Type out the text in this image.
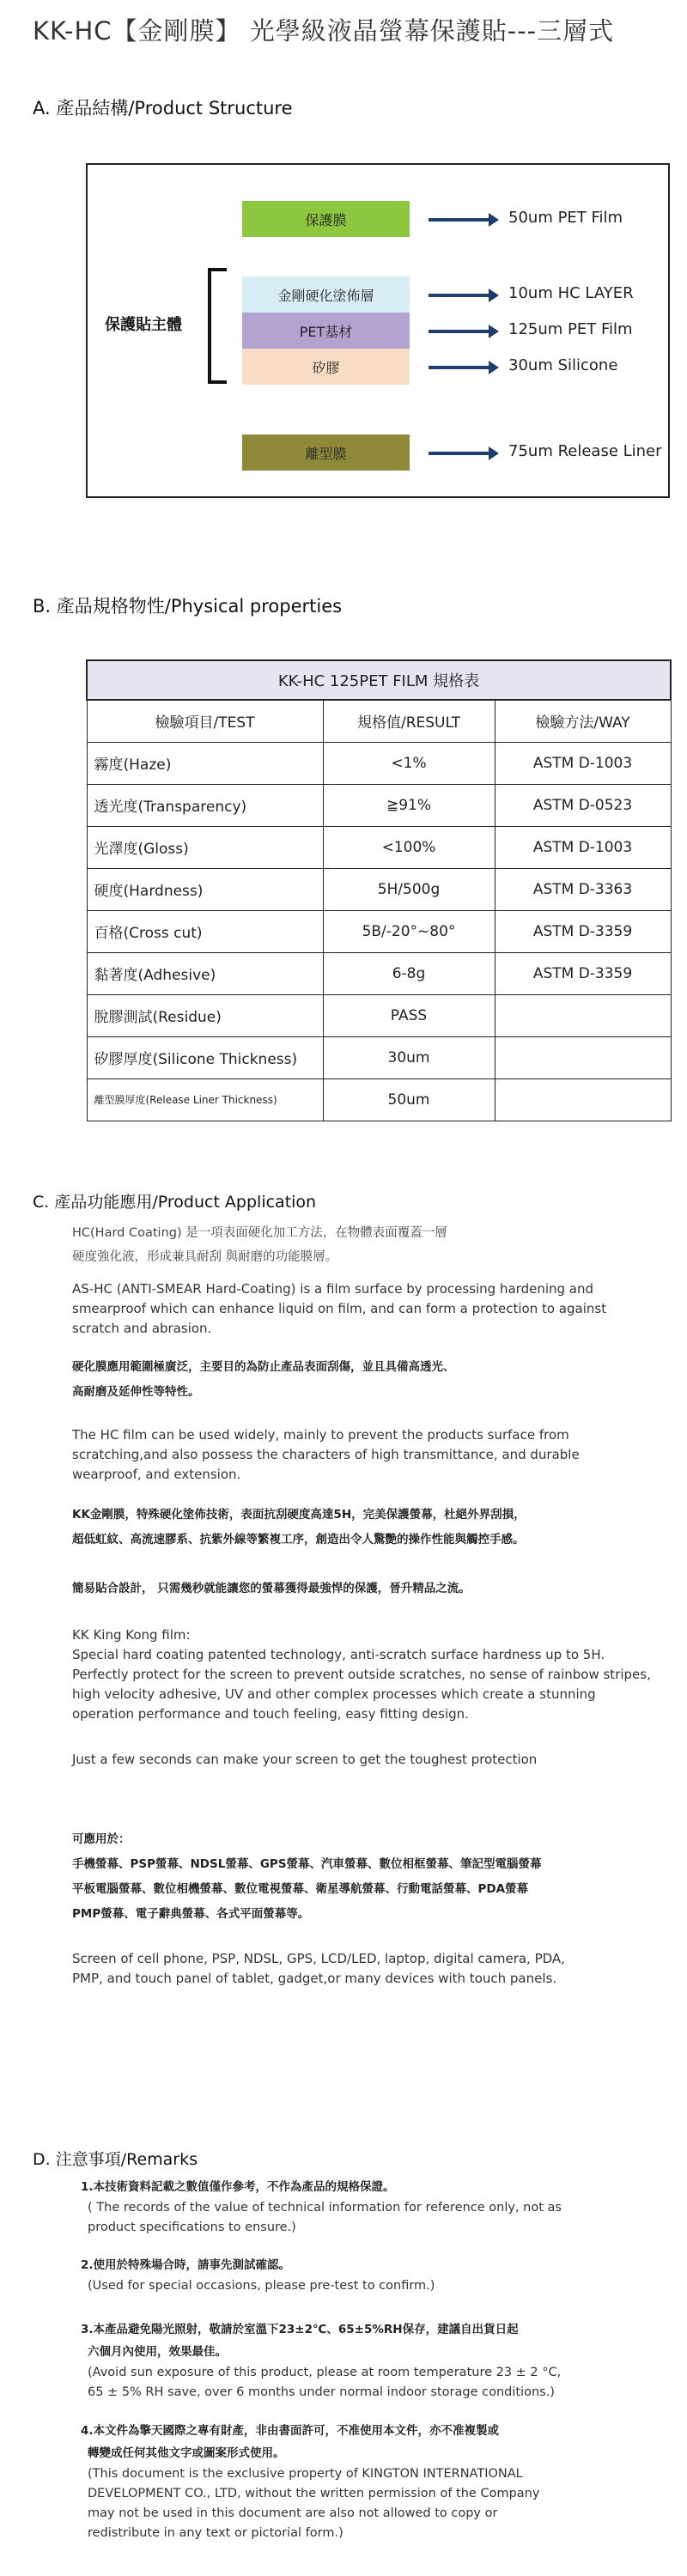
KK-HC【金剛膜】 光學級液晶螢幕保護貼---三層式
A. 產品結構/Product Structure
保護貼主體
保護膜	50um PET Film
金剛硬化塗佈層	10um HC LAYER
PET基材	125um PET Film
矽膠	30um Silicone
離型膜	75um Release Liner
B. 產品規格物性/Physical properties
KK-HC 125PET FILM 規格表		
檢驗項目/TEST	規格值/RESULT	檢驗方法/WAY
霧度(Haze)	<1%	ASTM D-1003
透光度(Transparency)	≧91%	ASTM D-0523
光澤度(Gloss)	<100%	ASTM D-1003
硬度(Hardness)	5H/500g	ASTM D-3363
百格(Cross cut)	5B/-20°~80°	ASTM D-3359
黏著度(Adhesive)	6-8g	ASTM D-3359
脫膠測試(Residue)	PASS	
矽膠厚度(Silicone Thickness)	30um	
離型膜厚度(Release Liner Thickness)	50um	
C. 產品功能應用/Product Application
HC(Hard Coating) 是一項表面硬化加工方法，在物體表面覆蓋一層
硬度強化液，形成兼具耐刮 與耐磨的功能膜層。
AS-HC (ANTI-SMEAR Hard-Coating) is a film surface by processing hardening and
smearproof which can enhance liquid on film, and can form a protection to against
scratch and abrasion.
硬化膜應用範圍極廣泛，主要目的為防止產品表面刮傷，並且具備高透光、
高耐磨及延伸性等特性。
The HC film can be used widely, mainly to prevent the products surface from
scratching,and also possess the characters of high transmittance, and durable
wearproof, and extension.
KK金剛膜，特殊硬化塗佈技術，表面抗刮硬度高達5H，完美保護螢幕，杜絕外界刮損，
超低虹紋、高流速膠系、抗紫外線等繁複工序，創造出令人驚艷的操作性能與觸控手感。
簡易貼合設計， 只需幾秒就能讓您的螢幕獲得最強悍的保護，晉升精品之流。
KK King Kong film:
Special hard coating patented technology, anti-scratch surface hardness up to 5H.
Perfectly protect for the screen to prevent outside scratches, no sense of rainbow stripes,
high velocity adhesive, UV and other complex processes which create a stunning
operation performance and touch feeling, easy fitting design.
Just a few seconds can make your screen to get the toughest protection
可應用於：
手機螢幕、PSP螢幕、NDSL螢幕、GPS螢幕、汽車螢幕、數位相框螢幕、筆記型電腦螢幕
平板電腦螢幕、數位相機螢幕、數位電視螢幕、衛星導航螢幕、行動電話螢幕、PDA螢幕
PMP螢幕、電子辭典螢幕、各式平面螢幕等。
Screen of cell phone, PSP, NDSL, GPS, LCD/LED, laptop, digital camera, PDA,
PMP, and touch panel of tablet, gadget,or many devices with touch panels.
D. 注意事項/Remarks
1.本技術資料記載之數值僅作參考，不作為產品的規格保證。
( The records of the value of technical information for reference only, not as
product specifications to ensure.)
2.使用於特殊場合時，請事先測試確認。
(Used for special occasions, please pre-test to confirm.)
3.本產品避免陽光照射，敬請於室溫下23±2℃、65±5%RH保存，建議自出貨日起
六個月內使用，效果最佳。
(Avoid sun exposure of this product, please at room temperature 23 ± 2 °C,
65 ± 5% RH save, over 6 months under normal indoor storage conditions.)
4.本文件為擎天國際之專有財產，非由書面許可，不准使用本文件，亦不准複製或
轉變成任何其他文字或圖案形式使用。
(This document is the exclusive property of KINGTON INTERNATIONAL
DEVELOPMENT CO., LTD, without the written permission of the Company
may not be used in this document are also not allowed to copy or
redistribute in any text or pictorial form.)
